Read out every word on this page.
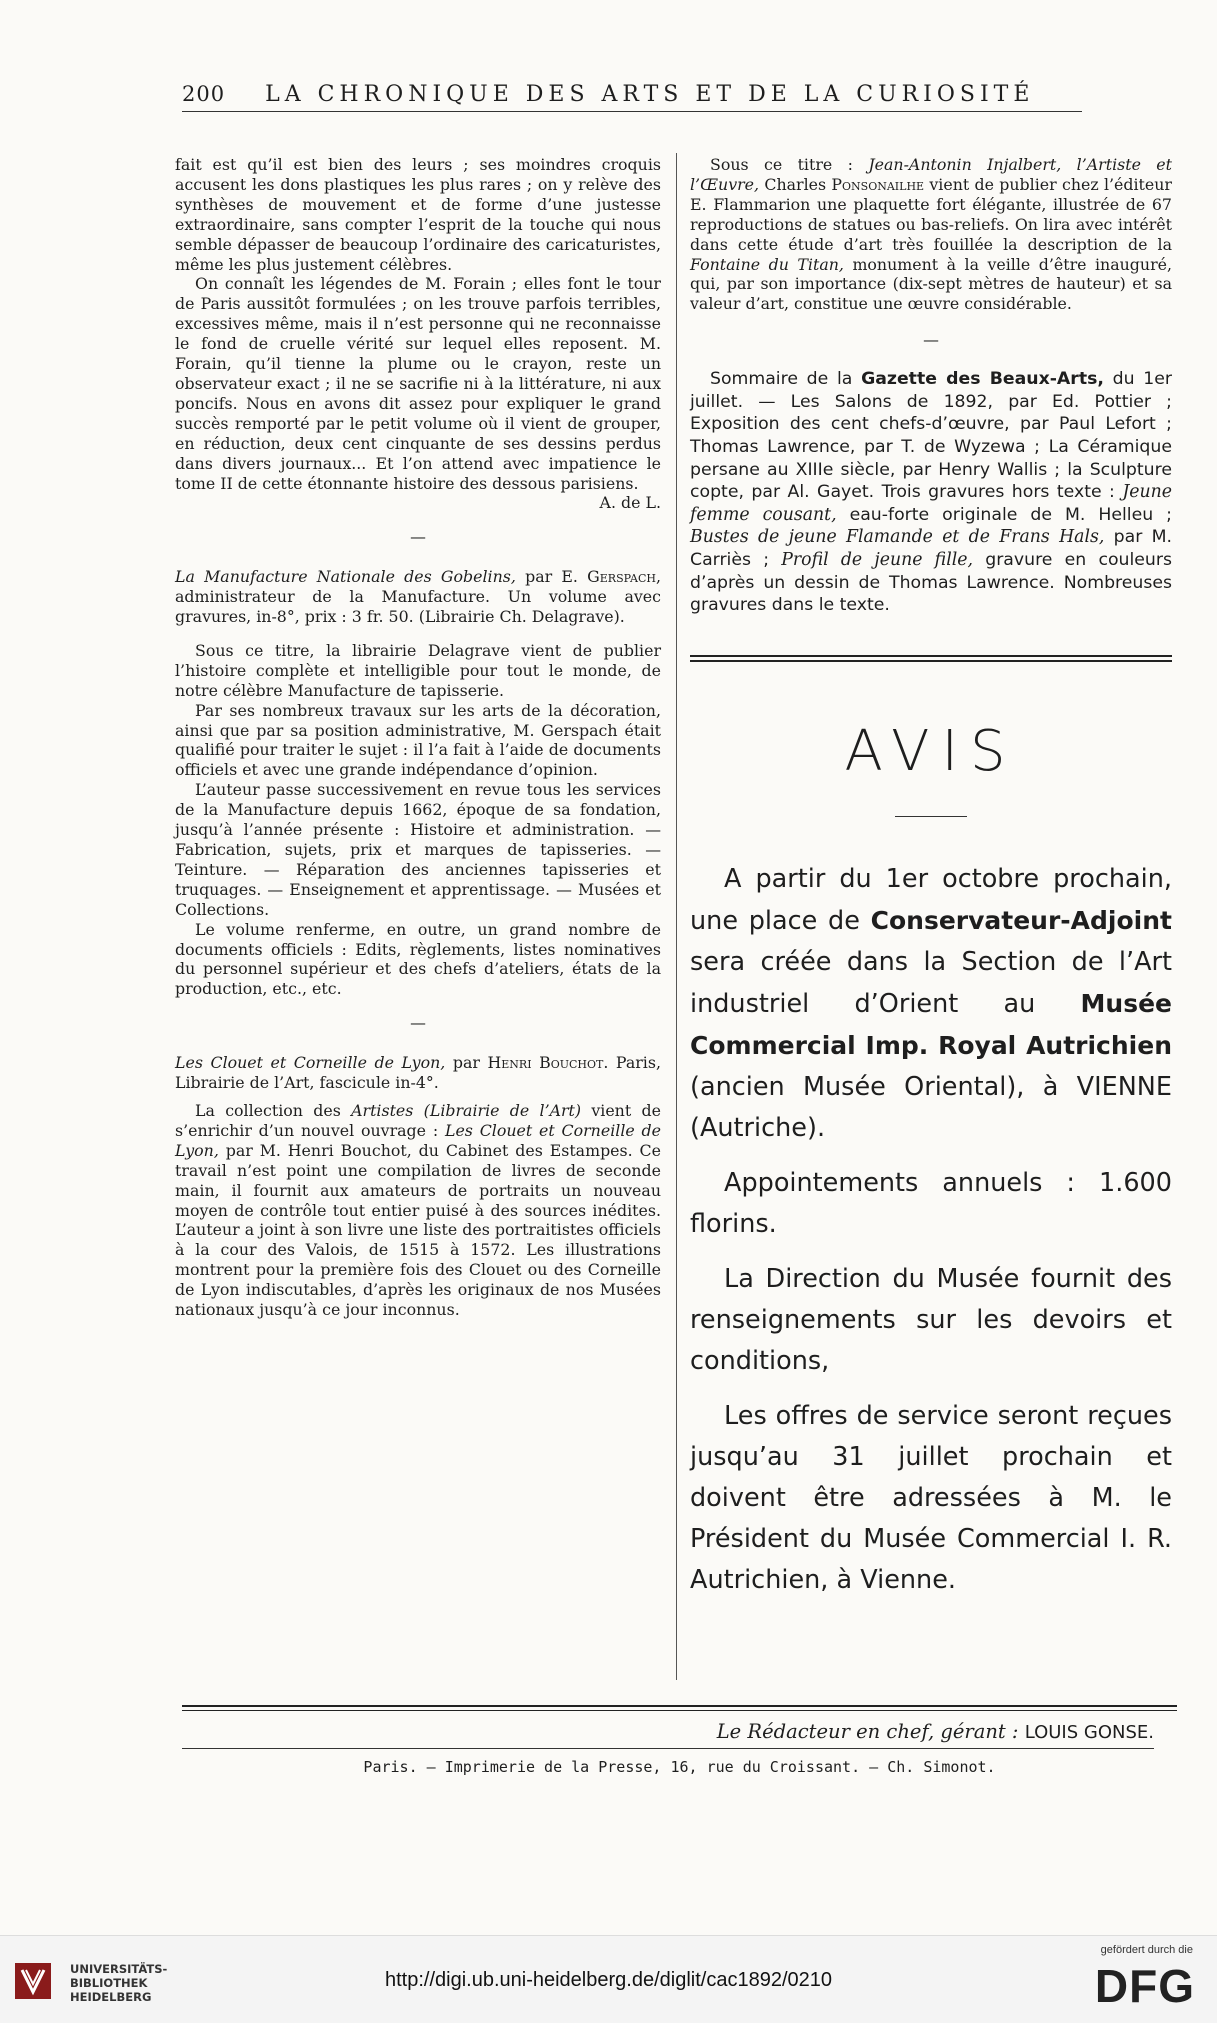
200 LA CHRONIQUE DES ARTS ET DE LA CURIOSITÉ

fait est qu’il est bien des leurs ; ses moindres croquis accusent les dons plastiques les plus rares ; on y relève des synthèses de mouvement et de forme d’une justesse extraordinaire, sans compter l’esprit de la touche qui nous semble dépasser de beaucoup l’ordinaire des caricaturistes, même les plus justement célèbres.

On connaît les légendes de M. Forain ; elles font le tour de Paris aussitôt formulées ; on les trouve parfois terribles, excessives même, mais il n’est personne qui ne reconnaisse le fond de cruelle vérité sur lequel elles reposent. M. Forain, qu’il tienne la plume ou le crayon, reste un observateur exact ; il ne se sacrifie ni à la littérature, ni aux poncifs. Nous en avons dit assez pour expliquer le grand succès remporté par le petit volume où il vient de grouper, en réduction, deux cent cinquante de ses dessins perdus dans divers journaux... Et l’on attend avec impatience le tome II de cette étonnante histoire des dessous parisiens.

A. de L.
—

La Manufacture Nationale des Gobelins, par E. Gerspach, administrateur de la Manufacture. Un volume avec gravures, in-8°, prix : 3 fr. 50. (Librairie Ch. Delagrave).

Sous ce titre, la librairie Delagrave vient de publier l’histoire complète et intelligible pour tout le monde, de notre célèbre Manufacture de tapisserie.

Par ses nombreux travaux sur les arts de la décoration, ainsi que par sa position administrative, M. Gerspach était qualifié pour traiter le sujet : il l’a fait à l’aide de documents officiels et avec une grande indépendance d’opinion.

L’auteur passe successivement en revue tous les services de la Manufacture depuis 1662, époque de sa fondation, jusqu’à l’année présente : Histoire et administration. — Fabrication, sujets, prix et marques de tapisseries. — Teinture. — Réparation des anciennes tapisseries et truquages. — Enseignement et apprentissage. — Musées et Collections.

Le volume renferme, en outre, un grand nombre de documents officiels : Edits, règlements, listes nominatives du personnel supérieur et des chefs d’ateliers, états de la production, etc., etc.

—

Les Clouet et Corneille de Lyon, par Henri Bouchot. Paris, Librairie de l’Art, fascicule in-4°.

La collection des Artistes (Librairie de l’Art) vient de s’enrichir d’un nouvel ouvrage : Les Clouet et Corneille de Lyon, par M. Henri Bouchot, du Cabinet des Estampes. Ce travail n’est point une compilation de livres de seconde main, il fournit aux amateurs de portraits un nouveau moyen de contrôle tout entier puisé à des sources inédites. L’auteur a joint à son livre une liste des portraitistes officiels à la cour des Valois, de 1515 à 1572. Les illustrations montrent pour la première fois des Clouet ou des Corneille de Lyon indiscutables, d’après les originaux de nos Musées nationaux jusqu’à ce jour inconnus.

Sous ce titre : Jean-Antonin Injalbert, l’Artiste et l’Œuvre, Charles Ponsonailhe vient de publier chez l’éditeur E. Flammarion une plaquette fort élégante, illustrée de 67 reproductions de statues ou bas-reliefs. On lira avec intérêt dans cette étude d’art très fouillée la description de la Fontaine du Titan, monument à la veille d’être inauguré, qui, par son importance (dix-sept mètres de hauteur) et sa valeur d’art, constitue une œuvre considérable.

—

Sommaire de la Gazette des Beaux-Arts, du 1er juillet. — Les Salons de 1892, par Ed. Pottier ; Exposition des cent chefs-d’œuvre, par Paul Lefort ; Thomas Lawrence, par T. de Wyzewa ; La Céramique persane au XIIIe siècle, par Henry Wallis ; la Sculpture copte, par Al. Gayet. Trois gravures hors texte : Jeune femme cousant, eau-forte originale de M. Helleu ; Bustes de jeune Flamande et de Frans Hals, par M. Carriès ; Profil de jeune fille, gravure en couleurs d’après un dessin de Thomas Lawrence. Nombreuses gravures dans le texte.

AVIS

A partir du 1er octobre prochain, une place de Conservateur-Adjoint sera créée dans la Section de l’Art industriel d’Orient au Musée Commercial Imp. Royal Autrichien (ancien Musée Oriental), à VIENNE (Autriche).

Appointements annuels : 1.600 florins.

La Direction du Musée fournit des renseignements sur les devoirs et conditions,

Les offres de service seront reçues jusqu’au 31 juillet prochain et doivent être adressées à M. le Président du Musée Commercial I. R. Autrichien, à Vienne.

Le Rédacteur en chef, gérant : LOUIS GONSE.
Paris. — Imprimerie de la Presse, 16, rue du Croissant. — Ch. Simonot.
UNIVERSITÄTS-
BIBLIOTHEK
HEIDELBERG
http://digi.ub.uni-heidelberg.de/diglit/cac1892/0210
gefördert durch die
DFG
